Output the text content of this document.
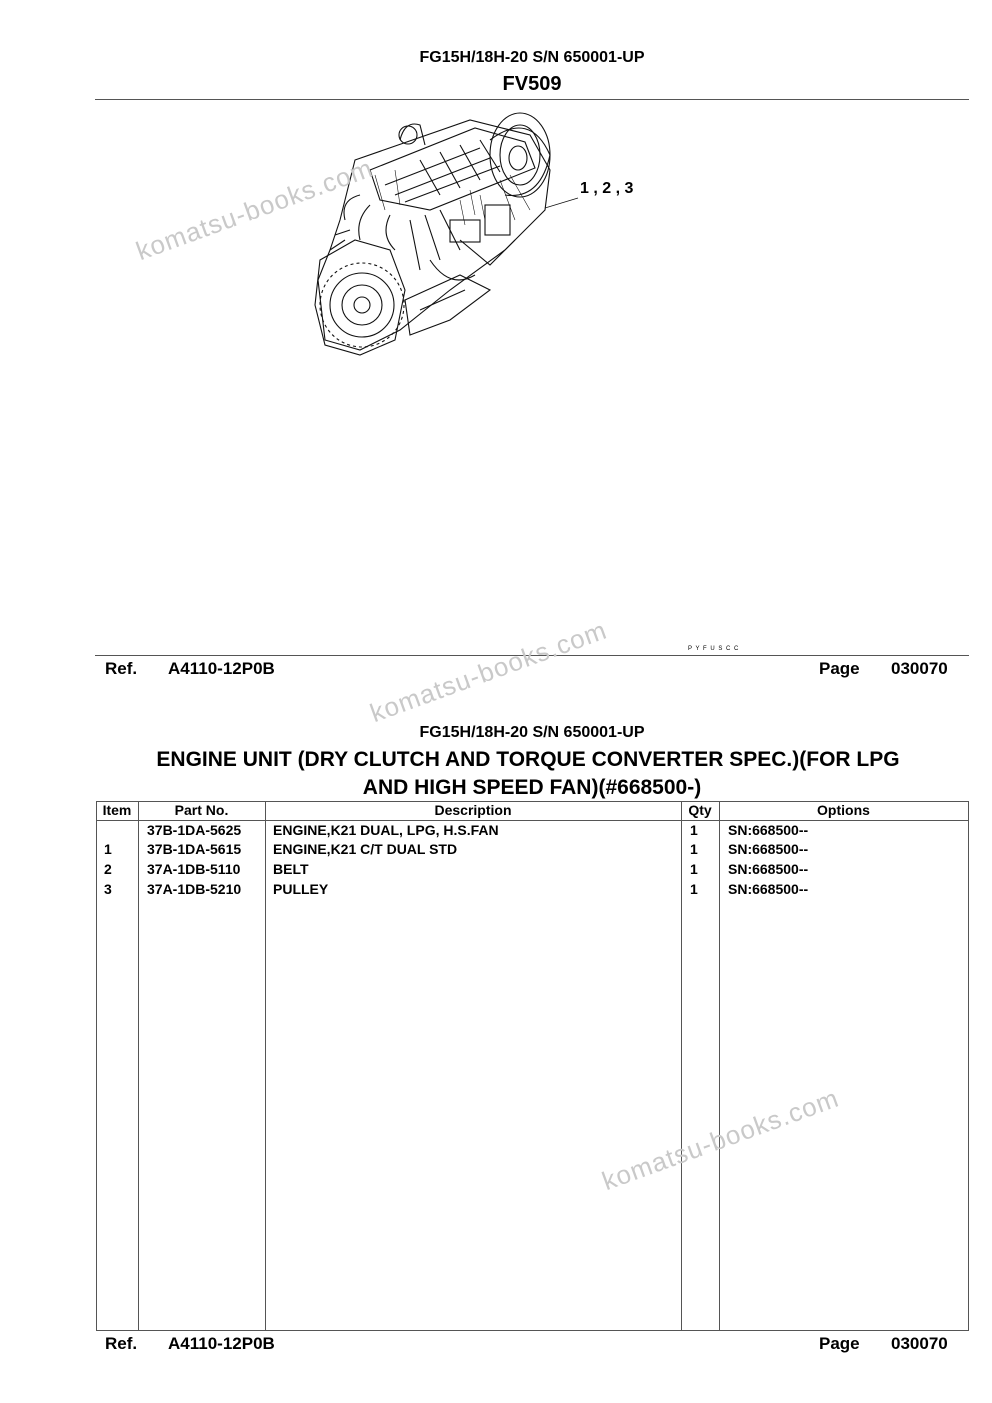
FG15H/18H-20 S/N 650001-UP
FV509
1 , 2 , 3
P Y F U S C C
Ref. A4110-12P0B	Page 030070
FG15H/18H-20 S/N 650001-UP
ENGINE UNIT (DRY CLUTCH AND TORQUE CONVERTER SPEC.)(FOR LPG
AND HIGH SPEED FAN)(#668500-)
Item	Part No.	Description	Qty	Options
37B-1DA-5625 ENGINE,K21 DUAL, LPG, H.S.FAN	1 SN:668500--
1	37B-1DA-5615 ENGINE,K21 C/T DUAL STD	1 SN:668500--
2	37A-1DB-5110 BELT	1 SN:668500--
3	37A-1DB-5210 PULLEY	1 SN:668500--
Ref. A4110-12P0B	Page 030070
komatsu-books.com
komatsu-books.com
komatsu-books.com
